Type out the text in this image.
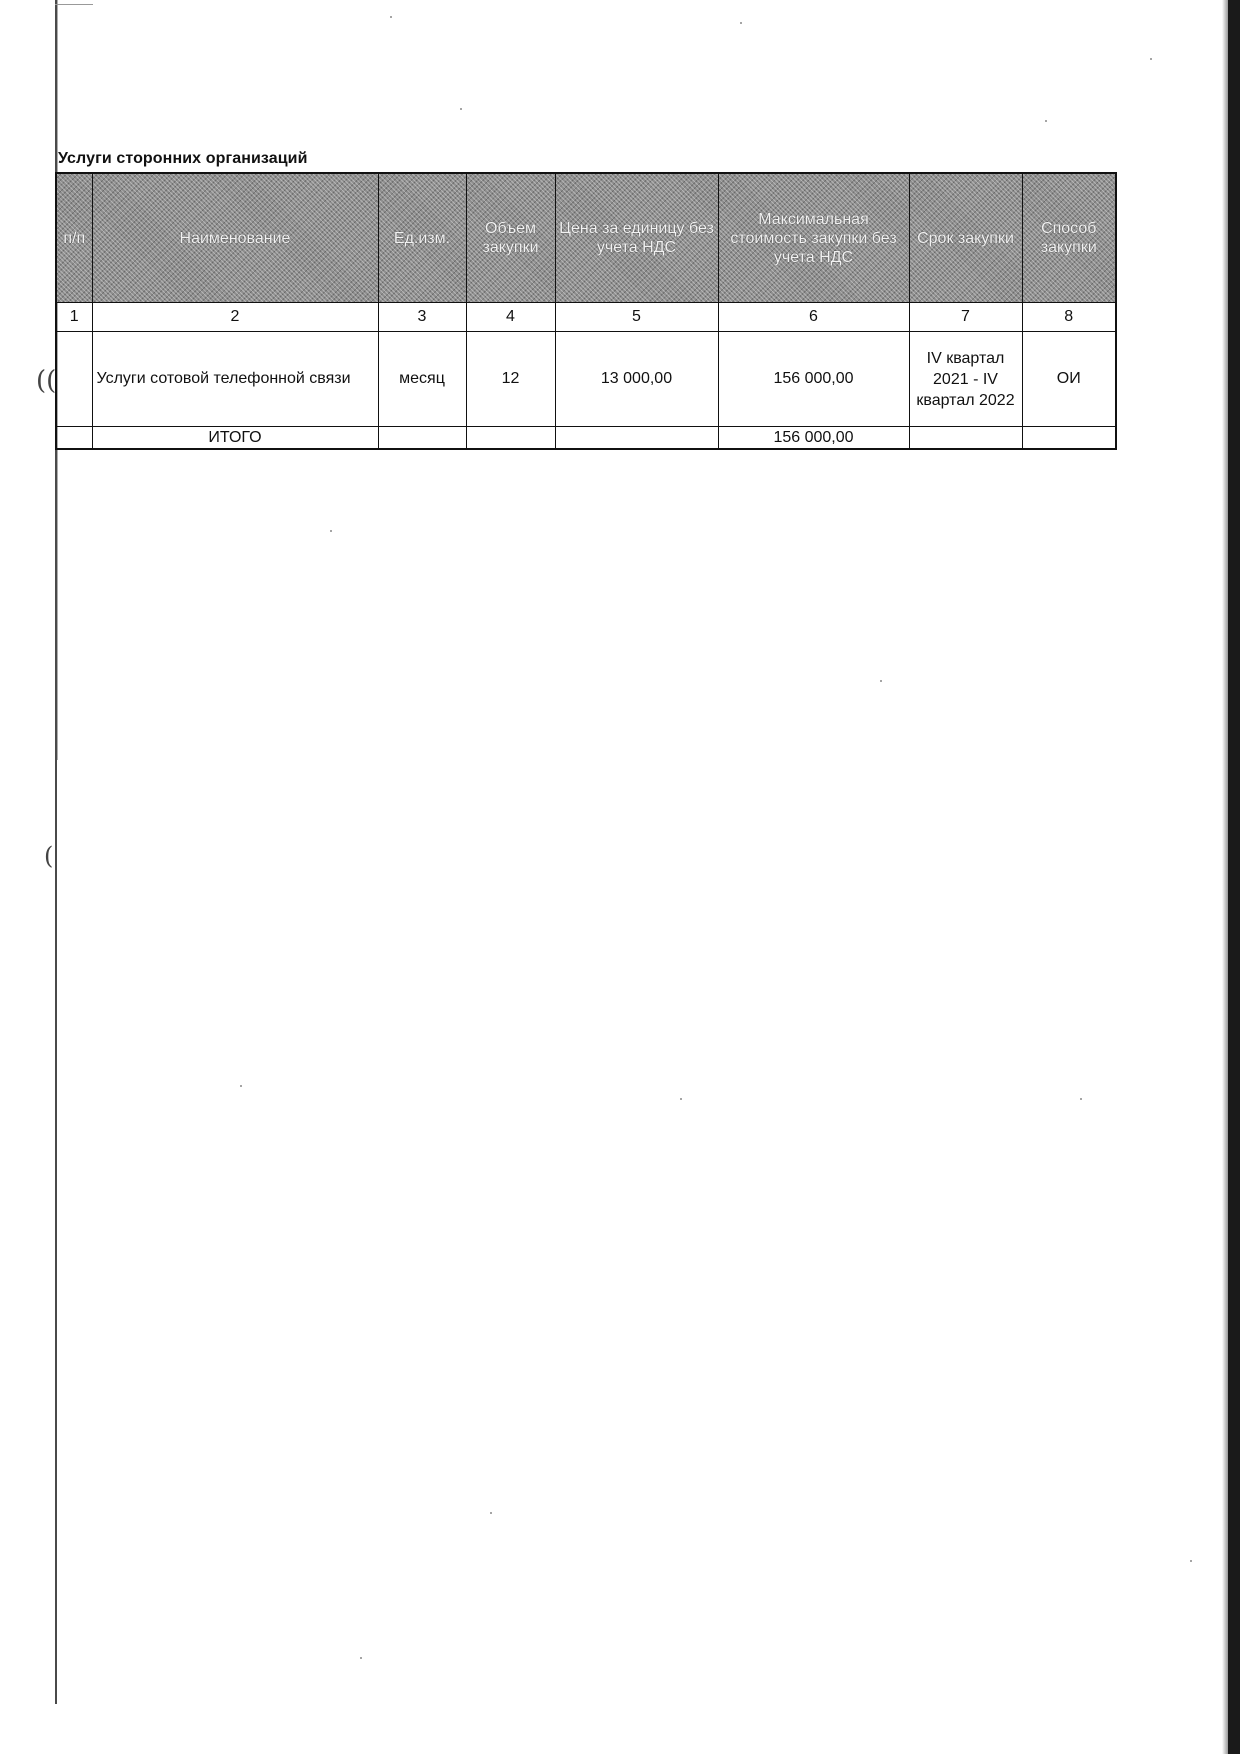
((
(
Услуги сторонних организаций
п/п	Наименование	Ед.изм.	Объем закупки	Цена за единицу без учета НДС	Максимальная стоимость закупки без учета НДС	Срок закупки	Способ закупки

1	2	3	4	5	6	7	8
	Услуги сотовой телефонной связи	месяц	12	13 000,00	156 000,00	IV квартал 2021 - IV квартал 2022	ОИ
	ИТОГО				156 000,00		
